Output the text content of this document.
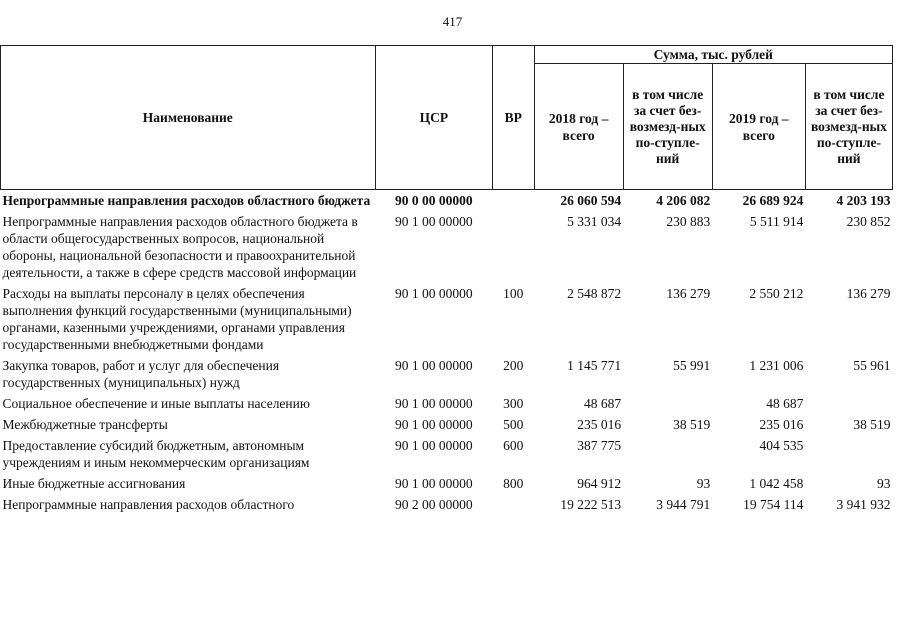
417
Наименование	ЦСР	ВР	Сумма, тыс. рублей			
			2018 год – всего	в том числе за счет без-возмезд-ных по-ступле-ний	2019 год – всего	в том числе за счет без-возмезд-ных по-ступле-ний
Непрограммные направления расходов областного бюджета	90 0 00 00000		26 060 594	4 206 082	26 689 924	4 203 193
Непрограммные направления расходов областного бюджета в области общегосударственных вопросов, национальной обороны, национальной безопасности и правоохранительной деятельности, а также в сфере средств массовой информации	90 1 00 00000		5 331 034	230 883	5 511 914	230 852
Расходы на выплаты персоналу в целях обеспечения выполнения функций государственными (муниципальными) органами, казенными учреждениями, органами управления государственными внебюджетными фондами	90 1 00 00000	100	2 548 872	136 279	2 550 212	136 279
Закупка товаров, работ и услуг для обеспечения государственных (муниципальных) нужд	90 1 00 00000	200	1 145 771	55 991	1 231 006	55 961
Социальное обеспечение и иные выплаты населению	90 1 00 00000	300	48 687		48 687	
Межбюджетные трансферты	90 1 00 00000	500	235 016	38 519	235 016	38 519
Предоставление субсидий бюджетным, автономным учреждениям и иным некоммерческим организациям	90 1 00 00000	600	387 775		404 535	
Иные бюджетные ассигнования	90 1 00 00000	800	964 912	93	1 042 458	93
Непрограммные направления расходов областного	90 2 00 00000		19 222 513	3 944 791	19 754 114	3 941 932
